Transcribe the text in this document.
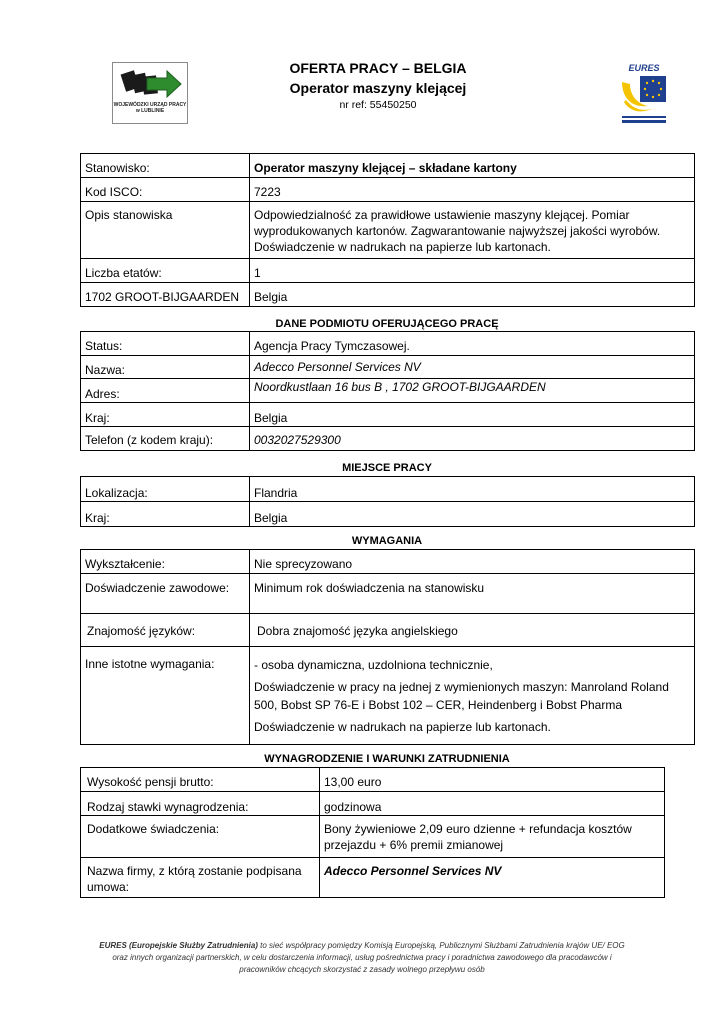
WOJEWÓDZKI URZĄD PRACY
w LUBLINIE
OFERTA PRACY – BELGIA
Operator maszyny klejącej
nr ref: 55450250
EURES
Stanowisko:	Operator maszyny klejącej – składane kartony
Kod ISCO:	7223
Opis stanowiska	Odpowiedzialność za prawidłowe ustawienie maszyny klejącej. Pomiar wyprodukowanych kartonów. Zagwarantowanie najwyższej jakości wyrobów. Doświadczenie w nadrukach na papierze lub kartonach.
Liczba etatów:	1
1702 GROOT-BIJGAARDEN	Belgia
DANE PODMIOTU OFERUJĄCEGO PRACĘ
Status:	Agencja Pracy Tymczasowej.
Nazwa:	Adecco Personnel Services NV
Adres:	Noordkustlaan 16 bus B , 1702 GROOT-BIJGAARDEN
Kraj:	Belgia
Telefon (z kodem kraju):	0032027529300
MIEJSCE PRACY
Lokalizacja:	Flandria
Kraj:	Belgia
WYMAGANIA
Wykształcenie:	Nie sprecyzowano
Doświadczenie zawodowe:	Minimum rok doświadczenia na stanowisku
Znajomość języków:	Dobra znajomość języka angielskiego
Inne istotne wymagania:	- osoba dynamiczna, uzdolniona technicznie,
Doświadczenie w pracy na jednej z wymienionych maszyn: Manroland Roland 500, Bobst SP 76-E i Bobst 102 – CER, Heindenberg i Bobst Pharma
Doświadczenie w nadrukach na papierze lub kartonach.
WYNAGRODZENIE I WARUNKI ZATRUDNIENIA
Wysokość pensji brutto:	13,00 euro
Rodzaj stawki wynagrodzenia:	godzinowa
Dodatkowe świadczenia:	Bony żywieniowe 2,09 euro dzienne + refundacja kosztów przejazdu + 6% premii zmianowej
Nazwa firmy, z którą zostanie podpisana umowa:	Adecco Personnel Services NV
EURES (Europejskie Służby Zatrudnienia) to sieć współpracy pomiędzy Komisją Europejską, Publicznymi Służbami Zatrudnienia krajów UE/ EOG
oraz innych organizacji partnerskich, w celu dostarczenia informacji, usług pośrednictwa pracy i poradnictwa zawodowego dla pracodawców i
pracowników chcących skorzystać z zasady wolnego przepływu osób
